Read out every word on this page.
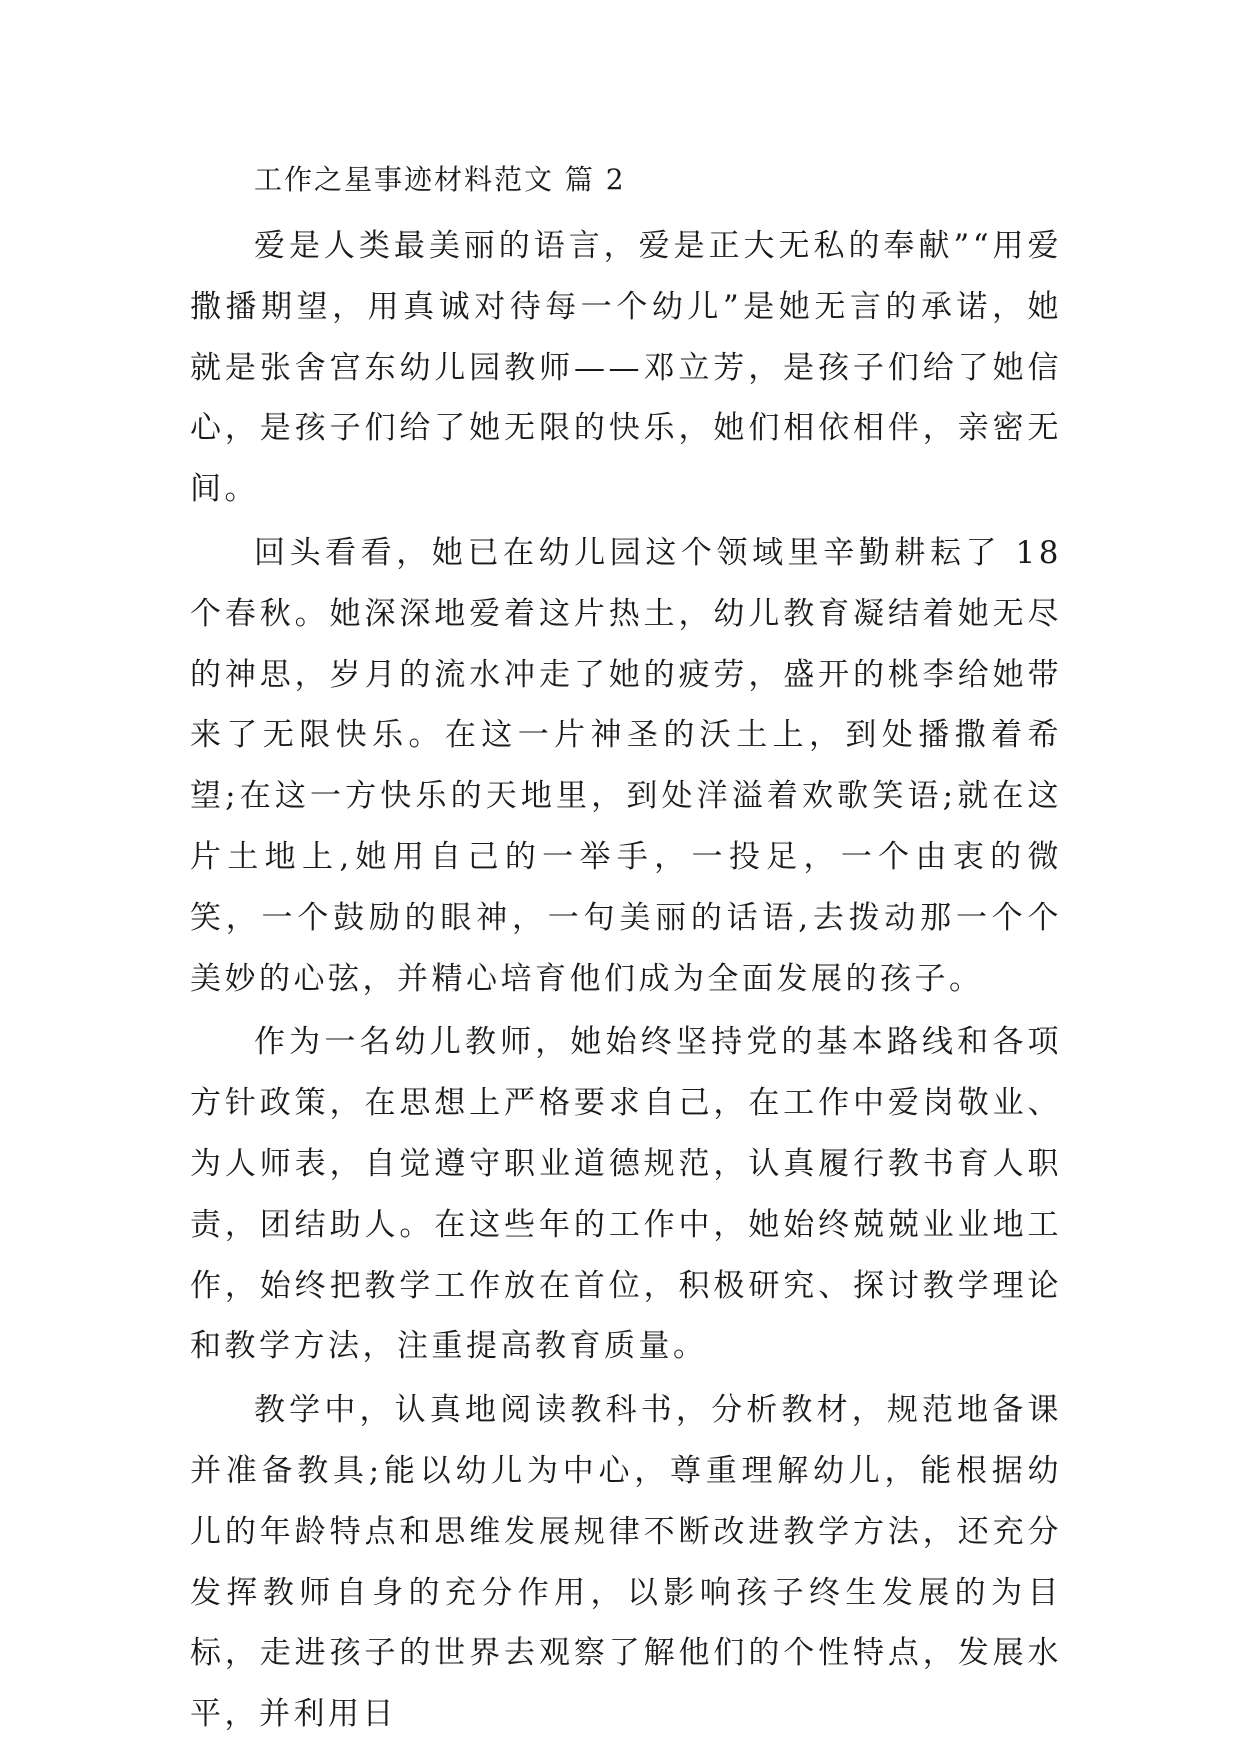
工作之星事迹材料范文 篇 2

爱是人类最美丽的语言，爱是正大无私的奉献”“用爱撒播期望，用真诚对待每一个幼儿”是她无言的承诺，她就是张舍宫东幼儿园教师——邓立芳，是孩子们给了她信心，是孩子们给了她无限的快乐，她们相依相伴，亲密无间。

回头看看，她已在幼儿园这个领域里辛勤耕耘了 18 个春秋。她深深地爱着这片热土，幼儿教育凝结着她无尽的神思，岁月的流水冲走了她的疲劳，盛开的桃李给她带来了无限快乐。在这一片神圣的沃土上，到处播撒着希望;在这一方快乐的天地里，到处洋溢着欢歌笑语;就在这片土地上,她用自己的一举手，一投足，一个由衷的微笑，一个鼓励的眼神，一句美丽的话语,去拨动那一个个美妙的心弦，并精心培育他们成为全面发展的孩子。

作为一名幼儿教师，她始终坚持党的基本路线和各项方针政策，在思想上严格要求自己，在工作中爱岗敬业、为人师表，自觉遵守职业道德规范，认真履行教书育人职责，团结助人。在这些年的工作中，她始终兢兢业业地工作，始终把教学工作放在首位，积极研究、探讨教学理论和教学方法，注重提高教育质量。

教学中，认真地阅读教科书，分析教材，规范地备课并准备教具;能以幼儿为中心，尊重理解幼儿，能根据幼儿的年龄特点和思维发展规律不断改进教学方法，还充分发挥教师自身的充分作用，以影响孩子终生发展的为目标，走进孩子的世界去观察了解他们的个性特点，发展水平，并利用日
